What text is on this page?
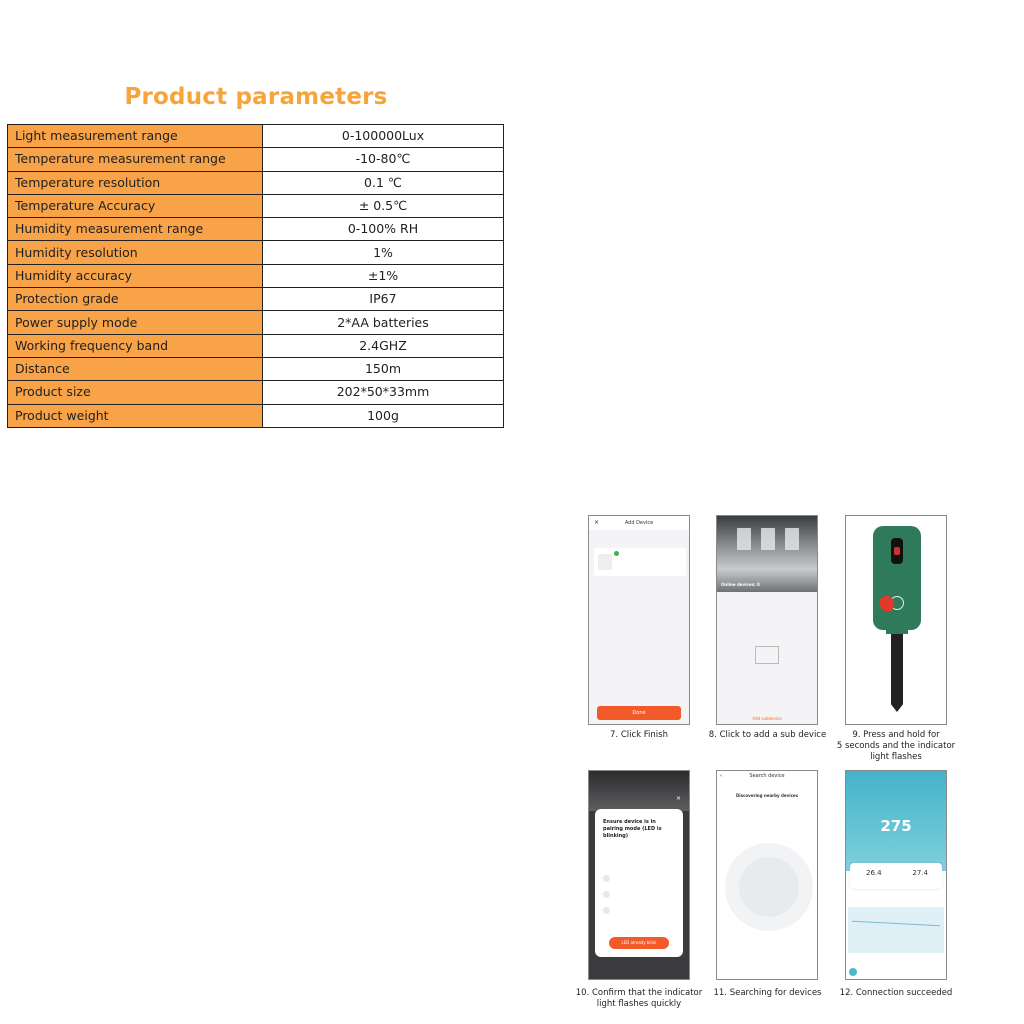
Product parameters
Light measurement range	0-100000Lux
Temperature measurement range	-10-80℃
Temperature resolution	0.1 ℃
Temperature Accuracy	± 0.5℃
Humidity measurement range	0-100% RH
Humidity resolution	1%
Humidity accuracy	±1%
Protection grade	IP67
Power supply mode	2*AA batteries
Working frequency band	2.4GHZ
Distance	150m
Product size	202*50*33mm
Product weight	100g
Add Device
×
Done
7. Click Finish
Online devices: 0
Add subdevice
8. Click to add a sub device	9. Press and hold for
5 seconds and the indicator
light flashes
×
Ensure device is in pairing mode (LED is blinking)
LED already blink
10. Confirm that the indicator
light flashes quickly
‹	Search device
Discovering nearby devices
11. Searching for devices
275
26.4	27.4
12. Connection succeeded
